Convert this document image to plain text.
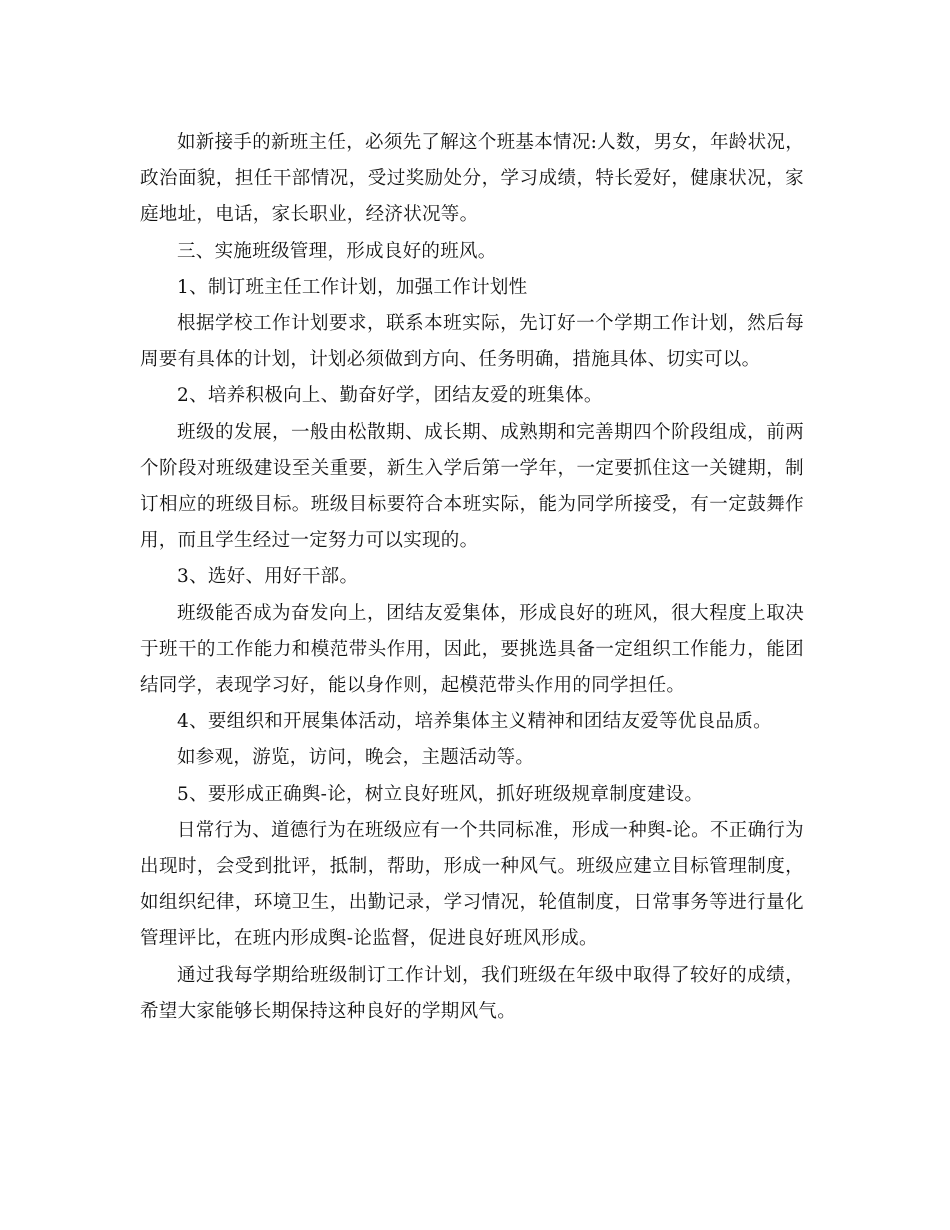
如新接手的新班主任，必须先了解这个班基本情况:人数，男女，年龄状况，政治面貌，担任干部情况，受过奖励处分，学习成绩，特长爱好，健康状况，家庭地址，电话，家长职业，经济状况等。

三、实施班级管理，形成良好的班风。

1、制订班主任工作计划，加强工作计划性

根据学校工作计划要求，联系本班实际，先订好一个学期工作计划，然后每周要有具体的计划，计划必须做到方向、任务明确，措施具体、切实可以。

2、培养积极向上、勤奋好学，团结友爱的班集体。

班级的发展，一般由松散期、成长期、成熟期和完善期四个阶段组成，前两个阶段对班级建设至关重要，新生入学后第一学年，一定要抓住这一关键期，制订相应的班级目标。班级目标要符合本班实际，能为同学所接受，有一定鼓舞作用，而且学生经过一定努力可以实现的。

3、选好、用好干部。

班级能否成为奋发向上，团结友爱集体，形成良好的班风，很大程度上取决于班干的工作能力和模范带头作用，因此，要挑选具备一定组织工作能力，能团结同学，表现学习好，能以身作则，起模范带头作用的同学担任。

4、要组织和开展集体活动，培养集体主义精神和团结友爱等优良品质。

如参观，游览，访问，晚会，主题活动等。

5、要形成正确舆-论，树立良好班风，抓好班级规章制度建设。

日常行为、道德行为在班级应有一个共同标准，形成一种舆-论。不正确行为出现时，会受到批评，抵制，帮助，形成一种风气。班级应建立目标管理制度，如组织纪律，环境卫生，出勤记录，学习情况，轮值制度，日常事务等进行量化管理评比，在班内形成舆-论监督，促进良好班风形成。

通过我每学期给班级制订工作计划，我们班级在年级中取得了较好的成绩，希望大家能够长期保持这种良好的学期风气。
